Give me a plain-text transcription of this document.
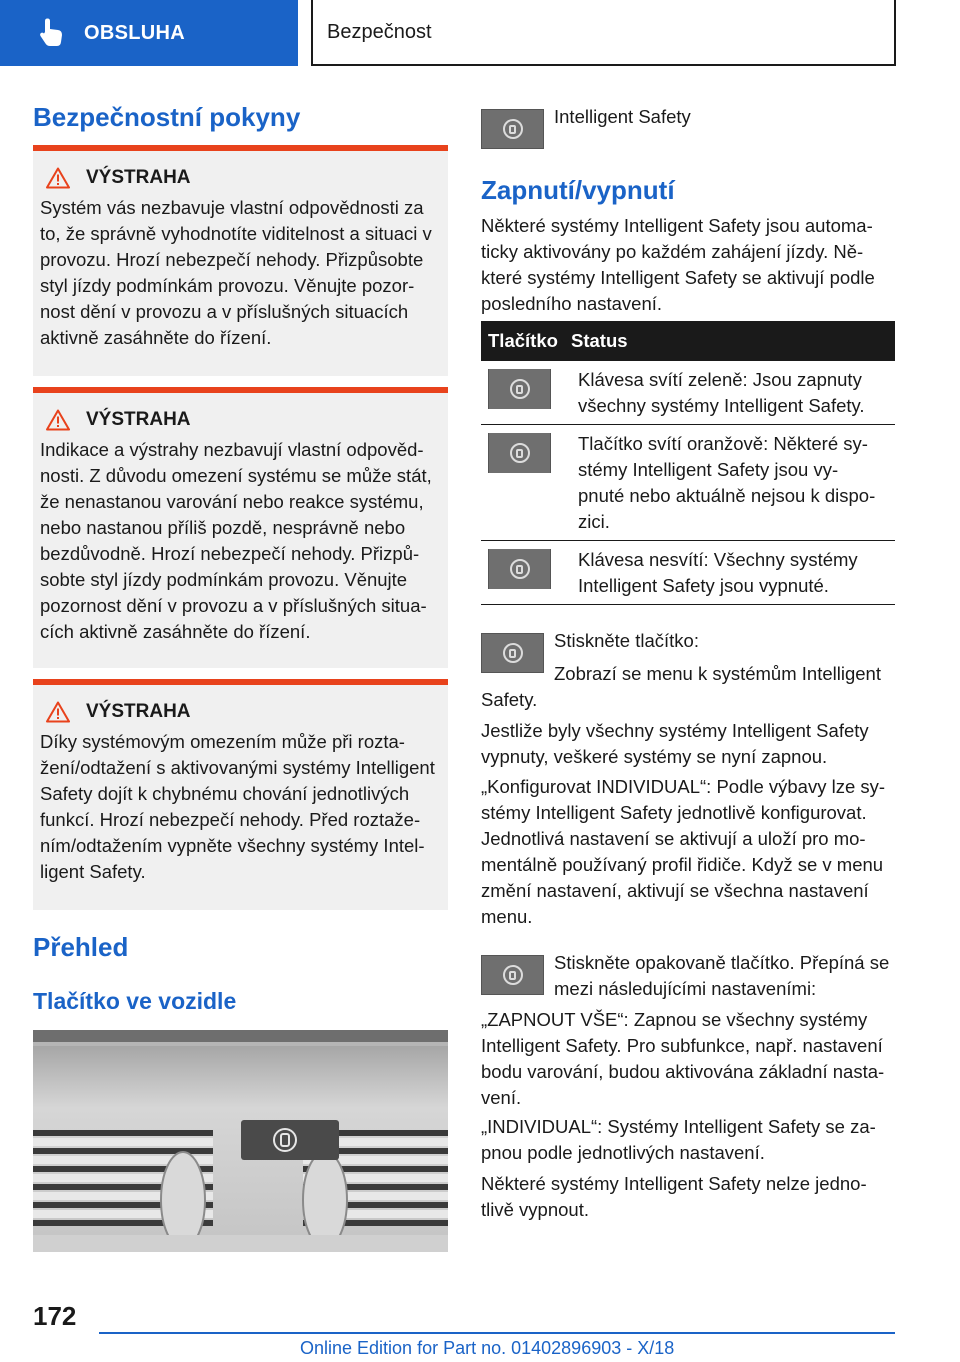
OBSLUHA	Bezpečnost
Bezpečnostní pokyny
VÝSTRAHA
Systém vás nezbavuje vlastní odpovědnosti za
to, že správně vyhodnotíte viditelnost a situaci v
provozu. Hrozí nebezpečí nehody. Přizpůsobte
styl jízdy podmínkám provozu. Věnujte pozor-
nost dění v provozu a v příslušných situacích
aktivně zasáhněte do řízení.
VÝSTRAHA
Indikace a výstrahy nezbavují vlastní odpověd-
nosti. Z důvodu omezení systému se může stát,
že nenastanou varování nebo reakce systému,
nebo nastanou příliš pozdě, nesprávně nebo
bezdůvodně. Hrozí nebezpečí nehody. Přizpů-
sobte styl jízdy podmínkám provozu. Věnujte
pozornost dění v provozu a v příslušných situa-
cích aktivně zasáhněte do řízení.
VÝSTRAHA
Díky systémovým omezením může při rozta-
žení/odtažení s aktivovanými systémy Intelligent
Safety dojít k chybnému chování jednotlivých
funkcí. Hrozí nebezpečí nehody. Před roztaže-
ním/odtažením vypněte všechny systémy Intel-
ligent Safety.
Přehled
Tlačítko ve vozidle
Intelligent Safety
Zapnutí/vypnutí
Některé systémy Intelligent Safety jsou automa-
ticky aktivovány po každém zahájení jízdy. Ně-
které systémy Intelligent Safety se aktivují podle
posledního nastavení.
Tlačítko Status
Klávesa svítí zeleně: Jsou zapnuty
všechny systémy Intelligent Safety.
Tlačítko svítí oranžově: Některé sy-
stémy Intelligent Safety jsou vy-
pnuté nebo aktuálně nejsou k dispo-
zici.
Klávesa nesvítí: Všechny systémy
Intelligent Safety jsou vypnuté.
Stiskněte tlačítko:
Zobrazí se menu k systémům Intelligent
Safety.
Jestliže byly všechny systémy Intelligent Safety
vypnuty, veškeré systémy se nyní zapnou.
„Konfigurovat INDIVIDUAL“: Podle výbavy lze sy-
stémy Intelligent Safety jednotlivě konfigurovat.
Jednotlivá nastavení se aktivují a uloží pro mo-
mentálně používaný profil řidiče. Když se v menu
změní nastavení, aktivují se všechna nastavení
menu.
Stiskněte opakovaně tlačítko. Přepíná se
mezi následujícími nastaveními:
„ZAPNOUT VŠE“: Zapnou se všechny systémy
Intelligent Safety. Pro subfunkce, např. nastavení
bodu varování, budou aktivována základní nasta-
vení.
„INDIVIDUAL“: Systémy Intelligent Safety se za-
pnou podle jednotlivých nastavení.
Některé systémy Intelligent Safety nelze jedno-
tlivě vypnout.
172
Online Edition for Part no. 01402896903 - X/18
